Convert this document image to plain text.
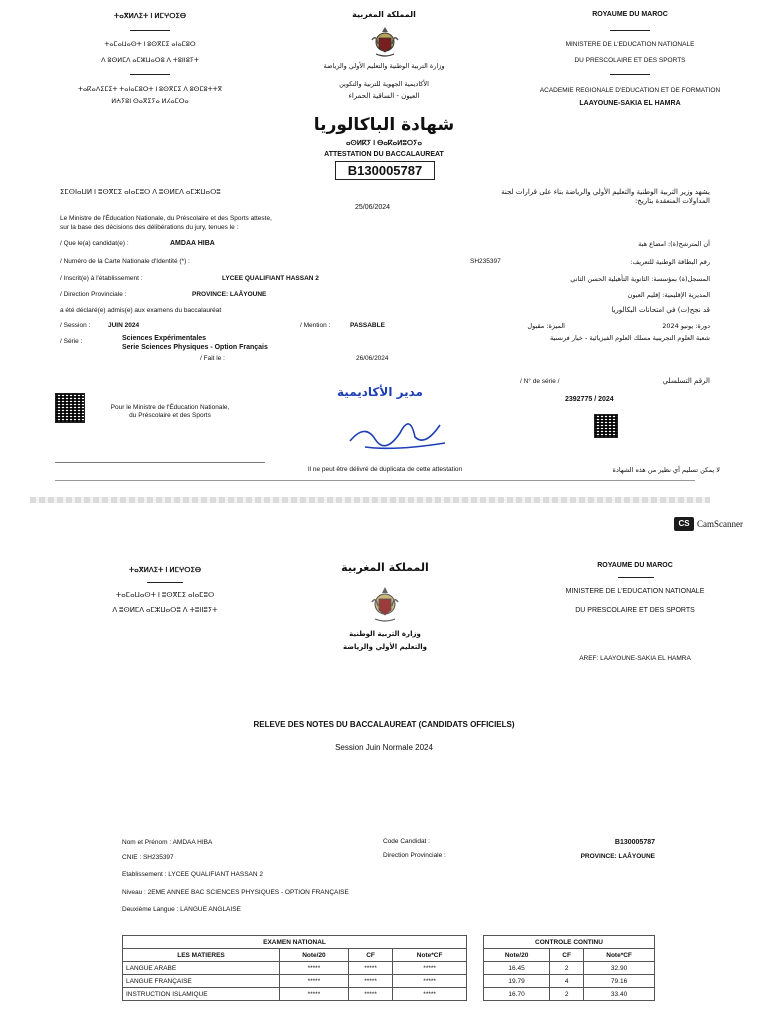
ⵜⴰⴳⵍⴷⵉⵜ ⵏ ⵍⵎⵖⵔⵉⴱ
ⵜⴰⵎⴰⵡⴰⵙⵜ ⵏ ⵓⵙⴳⵎⵉ ⴰⵏⴰⵎⵓⵔ
ⴷ ⵓⵙⵍⵎⴷ ⴰⵎⵣⵡⴰⵔⵓ ⴷ ⵜⵓⵏⵏⵓⵢⵜ
ⵜⴰⴽⴰⴷⵉⵎⵉⵜ ⵜⴰⵏⴰⵎⵓⵔⵜ ⵏ ⵓⵙⴳⵎⵉ ⴷ ⵓⵙⵎⵓⵜⵜⴳ
ⵍⵄⵢⵓⵏ ⵙⴰⴳⵉⵢⴰ ⵍⵃⴰⵎⵔⴰ
المملكة المغربية
وزارة التربية الوطنية والتعليم الأولي والرياضة
الأكاديمية الجهوية للتربية والتكوين
العيون - الساقية الحمراء
ROYAUME DU MAROC
MINISTERE DE L'EDUCATION NATIONALE
DU PRESCOLAIRE ET DES SPORTS
ACADEMIE REGIONALE D'EDUCATION ET DE FORMATION
LAAYOUNE-SAKIA EL HAMRA
شهادة الباكالوريا
ⴰⵙⵍⴽⵢ ⵏ ⴱⴰⴽⴰⵍⵓⵔⵢⴰ
ATTESTATION DU BACCALAUREAT
B130005787
ⵉⵎⵙⵏⴰⵡⵍ ⵏ ⵓⵙⴳⵎⵉ ⴰⵏⴰⵎⵓⵔ ⴷ ⵓⵙⵍⵎⴷ ⴰⵎⵣⵡⴰⵔⵓ
25/06/2024
Le Ministre de l'Éducation Nationale, du Préscolaire et des Sports atteste,
sur la base des décisions des délibérations du jury, tenues le :
يشهد وزير التربية الوطنية والتعليم الأولي والرياضة بناء على قرارات لجنة المداولات المنعقدة بتاريخ:
/ Que le(a) candidat(e) :	AMDAA HIBA	أن المترشح(ة): امضاع هبة
/ Numéro de la Carte Nationale d'Identité (*) :	SH235397	رقم البطاقة الوطنية للتعريف:
/ Inscrit(e) à l'établissement :	LYCEE QUALIFIANT HASSAN 2	المسجل(ة) بمؤسسة: الثانوية التأهيلية الحسن الثاني
/ Direction Provinciale :	PROVINCE: LAÂYOUNE	المديرية الإقليمية: إقليم العيون
a été déclaré(e) admis(e) aux examens du baccalauréat	قد نجح(ت) في امتحانات البكالوريا
/ Session :	JUIN 2024	/ Mention :	PASSABLE	الميزة: مقبول	دورة: يونيو 2024
/ Série :	Sciences Expérimentales
Serie Sciences Physiques - Option Français
شعبة العلوم التجريبية مسلك العلوم الفيزيائية - خيار فرنسية
/ Fait le :	26/06/2024
Pour le Ministre de l'Éducation Nationale,
du Préscolaire et des Sports
مدير الأكاديمية
/ N° de série /	الرقم التسلسلي
2392775 / 2024
Il ne peut être délivré de duplicata de cette attestation	لا يمكن تسليم أي نظير من هذه الشهادة
CS CamScanner
ⵜⴰⴳⵍⴷⵉⵜ ⵏ ⵍⵎⵖⵔⵉⴱ
ⵜⴰⵎⴰⵡⴰⵙⵜ ⵏ ⵓⵙⴳⵎⵉ ⴰⵏⴰⵎⵓⵔ
ⴷ ⵓⵙⵍⵎⴷ ⴰⵎⵣⵡⴰⵔⵓ ⴷ ⵜⵓⵏⵏⵓⵢⵜ
المملكة المغربية
وزارة التربية الوطنية
والتعليم الأولي والرياضة
ROYAUME DU MAROC
MINISTERE DE L'EDUCATION NATIONALE
DU PRESCOLAIRE ET DES SPORTS
AREF: LAAYOUNE-SAKIA EL HAMRA
RELEVE DES NOTES DU BACCALAUREAT (CANDIDATS OFFICIELS)
Session Juin Normale 2024
Nom et Prénom : AMDAA HIBA
CNIE : SH235397
Etablissement : LYCEE QUALIFIANT HASSAN 2
Niveau : 2EME ANNEE BAC SCIENCES PHYSIQUES - OPTION FRANÇAISE
Deuxième Langue : LANGUE ANGLAISE
Code Candidat :
Direction Provinciale :
B130005787
PROVINCE: LAÂYOUNE
EXAMEN NATIONAL			
LES MATIERES	Note/20	CF	Note*CF
LANGUE ARABE	*****	*****	*****
LANGUE FRANÇAISE	*****	*****	*****
INSTRUCTION ISLAMIQUE	*****	*****	*****
CONTROLE CONTINU		
Note/20	CF	Note*CF
16.45	2	32.90
19.79	4	79.16
16.70	2	33.40
